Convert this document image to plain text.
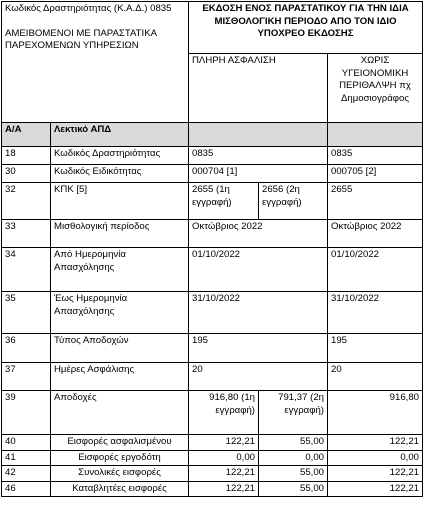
Κωδικός Δραστηριότητας (Κ.Α.Δ.) 0835
ΑΜΕΙΒΟΜΕΝΟΙ ΜΕ ΠΑΡΑΣΤΑΤΙΚΑ ΠΑΡΕΧΟΜΕΝΩΝ ΥΠΗΡΕΣΙΩΝ		ΕΚΔΟΣΗ ΕΝΟΣ ΠΑΡΑΣΤΑΤΙΚΟΥ ΓΙΑ ΤΗΝ ΙΔΙΑ ΜΙΣΘΟΛΟΓΙΚΗ ΠΕΡΙΟΔΟ ΑΠΟ ΤΟΝ ΙΔΙΟ ΥΠΟΧΡΕΟ ΕΚΔΟΣΗΣ		
		ΠΛΗΡΗ ΑΣΦΑΛΙΣΗ		ΧΩΡΙΣ ΥΓΕΙΟΝΟΜΙΚΗ ΠΕΡΙΘΑΛΨΗ πχ Δημοσιογράφος
Α/Α	Λεκτικό ΑΠΔ			
18	Κωδικός Δραστηριότητας	0835		0835
30	Κωδικός Ειδικότητας	000704 [1]		000705 [2]
32	ΚΠΚ [5]	2655 (1η εγγραφή)	2656 (2η εγγραφή)	2655
33	Μισθολογική περίοδος	Οκτώβριος 2022		Οκτώβριος 2022
34	Από Ημερομηνία Απασχόλησης	01/10/2022		01/10/2022
35	Έως Ημερομηνία Απασχόλησης	31/10/2022		31/10/2022
36	Τύπος Αποδοχών	195		195
37	Ημέρες Ασφάλισης	20		20
39	Αποδοχές	916,80 (1η εγγραφή)	791,37 (2η εγγραφή)	916,80
40	Εισφορές ασφαλισμένου	122,21	55,00	122,21
41	Εισφορές εργοδότη	0,00	0,00	0,00
42	Συνολικές εισφορές	122,21	55,00	122,21
46	Καταβλητέες εισφορές	122,21	55,00	122,21
